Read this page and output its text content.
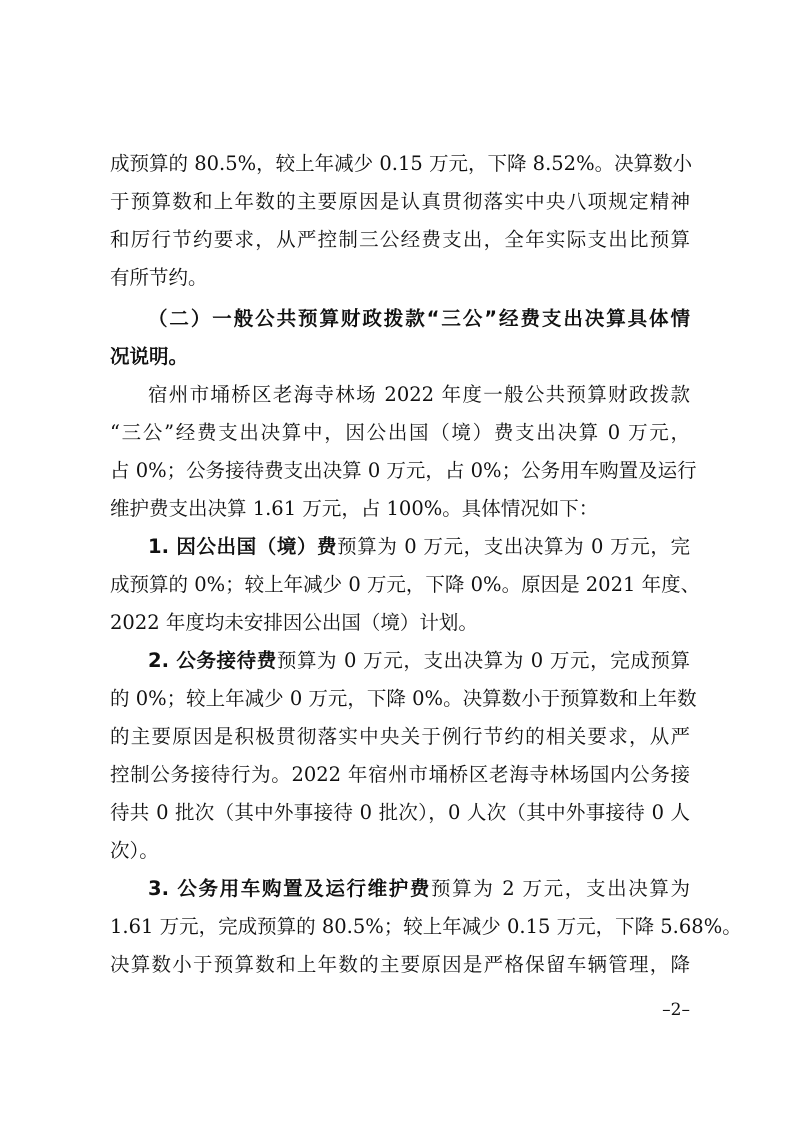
成预算的 80.5%，较上年减少 0.15 万元，下降 8.52%。决算数小
于预算数和上年数的主要原因是认真贯彻落实中央八项规定精神
和厉行节约要求，从严控制三公经费支出，全年实际支出比预算
有所节约。
（二）一般公共预算财政拨款“三公”经费支出决算具体情
况说明。
宿州市埇桥区老海寺林场 2022 年度一般公共预算财政拨款
“三公”经费支出决算中，因公出国（境）费支出决算 0 万元，
占 0%；公务接待费支出决算 0 万元，占 0%；公务用车购置及运行
维护费支出决算 1.61 万元，占 100%。具体情况如下：
1. 因公出国（境）费预算为 0 万元，支出决算为 0 万元，完
成预算的 0%；较上年减少 0 万元，下降 0%。原因是 2021 年度、
2022 年度均未安排因公出国（境）计划。
2. 公务接待费预算为 0 万元，支出决算为 0 万元，完成预算
的 0%；较上年减少 0 万元，下降 0%。决算数小于预算数和上年数
的主要原因是积极贯彻落实中央关于例行节约的相关要求，从严
控制公务接待行为。2022 年宿州市埇桥区老海寺林场国内公务接
待共 0 批次（其中外事接待 0 批次），0 人次（其中外事接待 0 人
次）。
3. 公务用车购置及运行维护费预算为 2 万元，支出决算为
1.61 万元，完成预算的 80.5%；较上年减少 0.15 万元，下降 5.68%。
决算数小于预算数和上年数的主要原因是严格保留车辆管理，降
–2–
